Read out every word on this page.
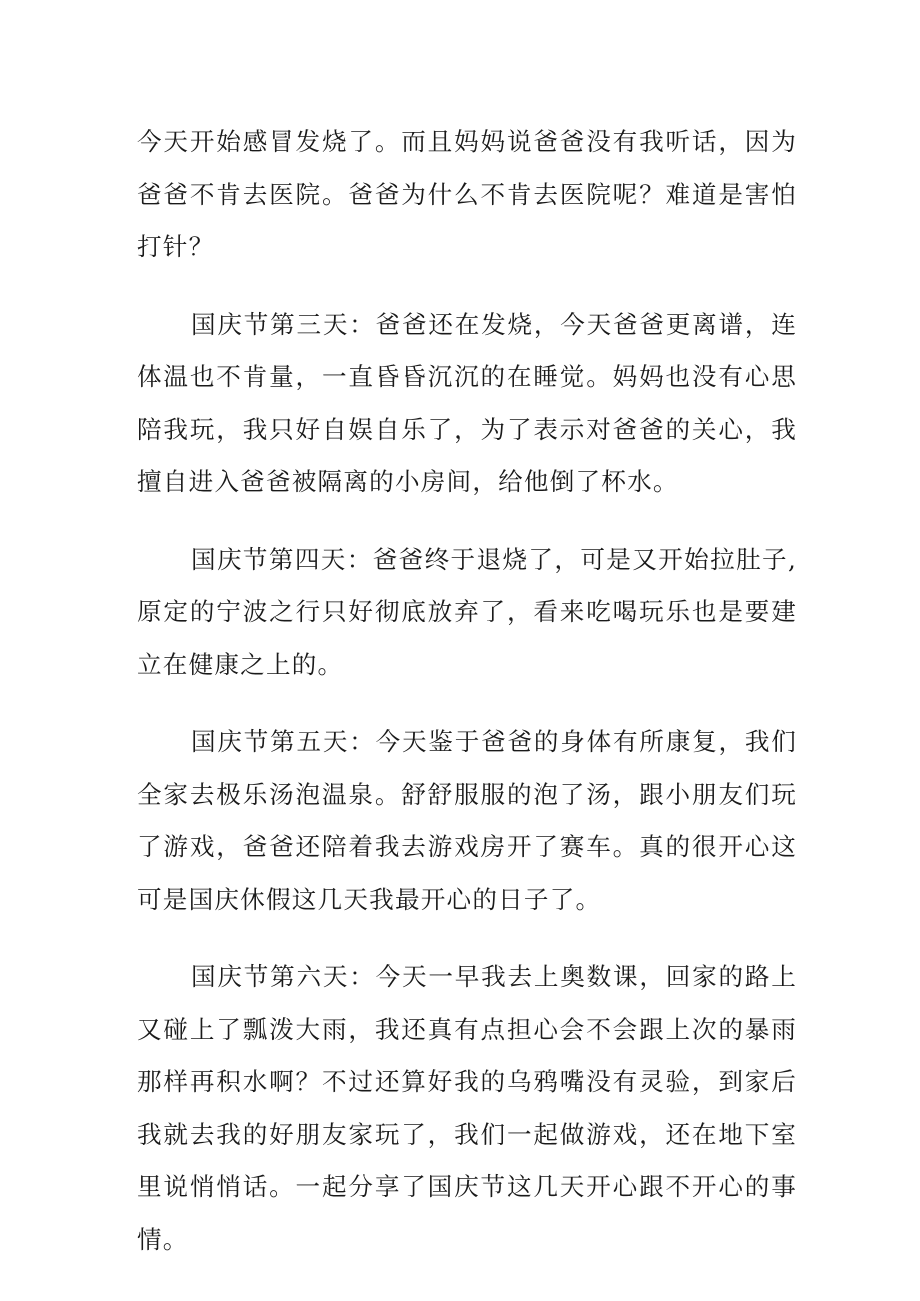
今天开始感冒发烧了。而且妈妈说爸爸没有我听话，因为爸爸不肯去医院。爸爸为什么不肯去医院呢？难道是害怕打针？

国庆节第三天：爸爸还在发烧，今天爸爸更离谱，连体温也不肯量，一直昏昏沉沉的在睡觉。妈妈也没有心思陪我玩，我只好自娱自乐了，为了表示对爸爸的关心，我擅自进入爸爸被隔离的小房间，给他倒了杯水。

国庆节第四天：爸爸终于退烧了，可是又开始拉肚子,原定的宁波之行只好彻底放弃了，看来吃喝玩乐也是要建立在健康之上的。

国庆节第五天：今天鉴于爸爸的身体有所康复，我们全家去极乐汤泡温泉。舒舒服服的泡了汤，跟小朋友们玩了游戏，爸爸还陪着我去游戏房开了赛车。真的很开心这可是国庆休假这几天我最开心的日子了。

国庆节第六天：今天一早我去上奥数课，回家的路上又碰上了瓢泼大雨，我还真有点担心会不会跟上次的暴雨那样再积水啊？不过还算好我的乌鸦嘴没有灵验，到家后我就去我的好朋友家玩了，我们一起做游戏，还在地下室里说悄悄话。一起分享了国庆节这几天开心跟不开心的事情。
